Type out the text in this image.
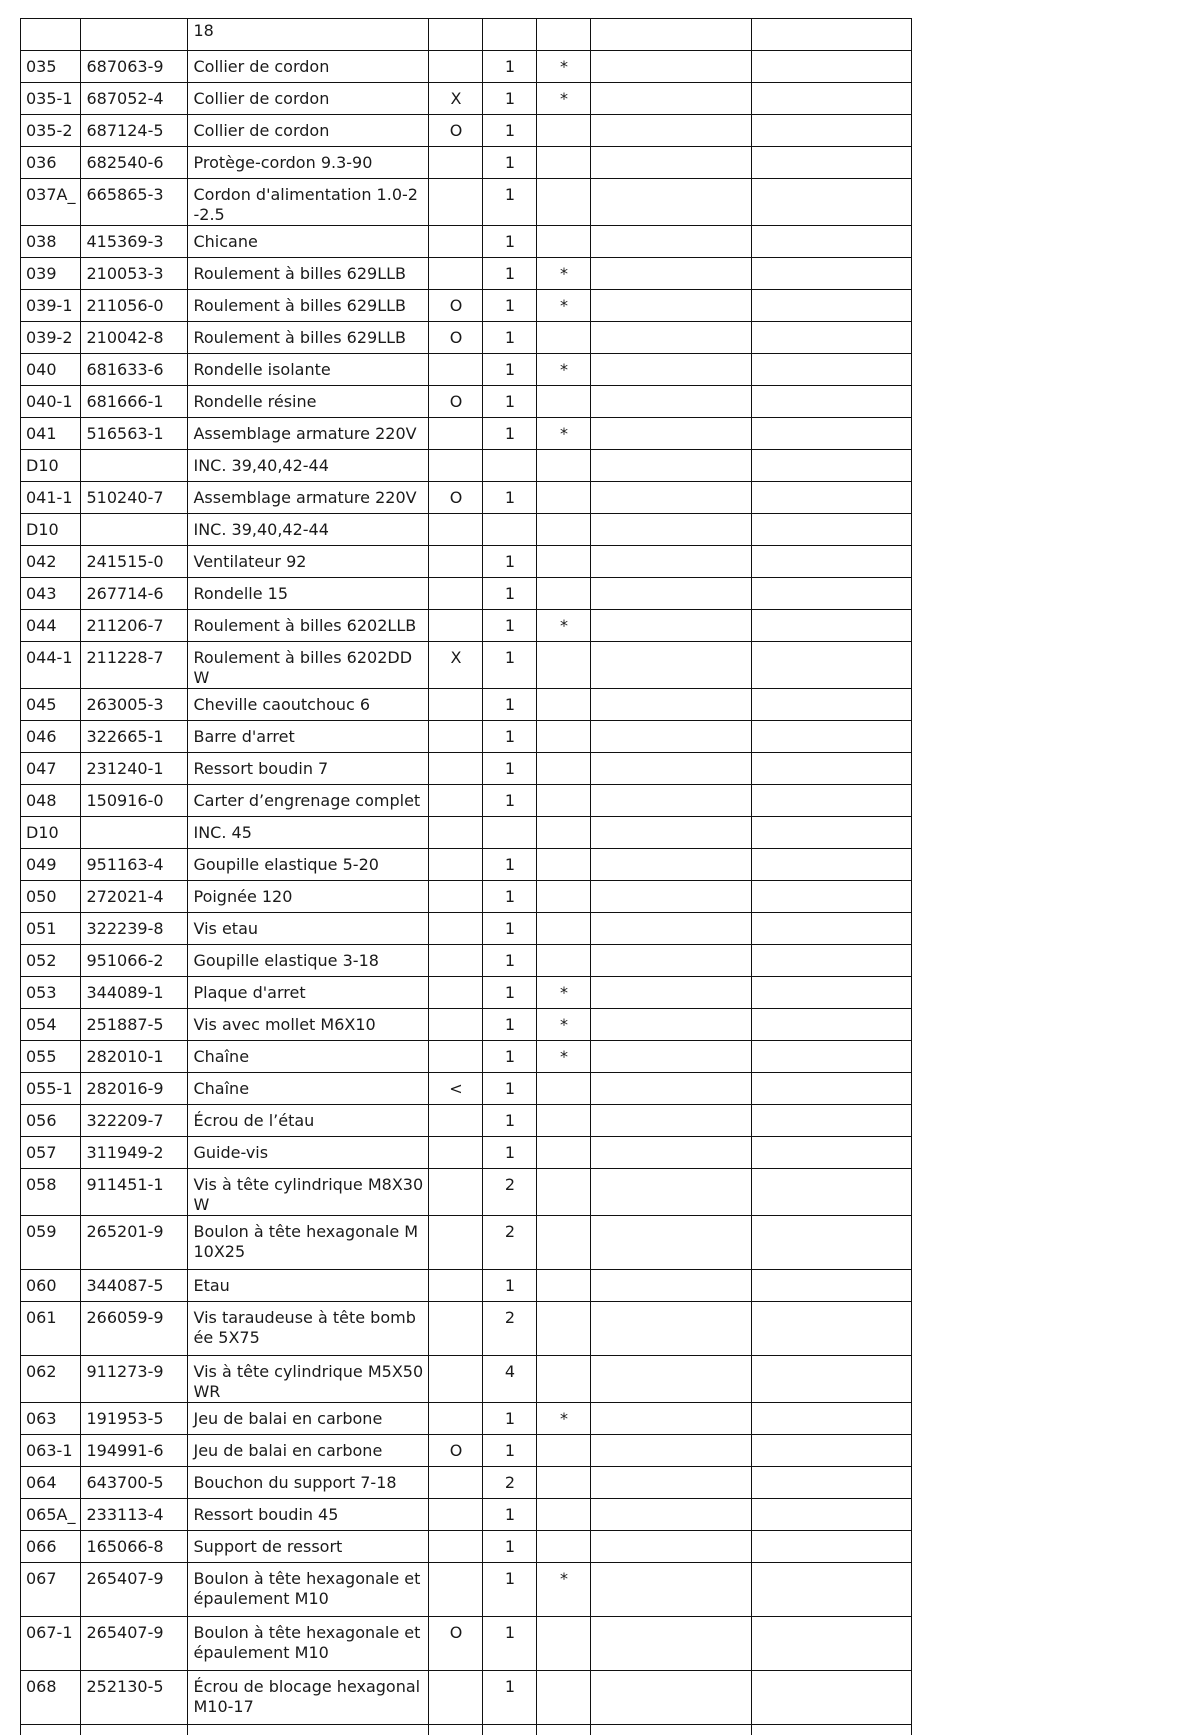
		18					
035	687063-9	Collier de cordon		1	*		
035-1	687052-4	Collier de cordon	X	1	*		
035-2	687124-5	Collier de cordon	O	1			
036	682540-6	Protège-cordon 9.3-90		1			
037A_	665865-3	Cordon d'alimentation 1.0-2-2.5		1			
038	415369-3	Chicane		1			
039	210053-3	Roulement à billes 629LLB		1	*		
039-1	211056-0	Roulement à billes 629LLB	O	1	*		
039-2	210042-8	Roulement à billes 629LLB	O	1			
040	681633-6	Rondelle isolante		1	*		
040-1	681666-1	Rondelle résine	O	1			
041	516563-1	Assemblage armature 220V		1	*		
D10		INC. 39,40,42-44					
041-1	510240-7	Assemblage armature 220V	O	1			
D10		INC. 39,40,42-44					
042	241515-0	Ventilateur 92		1			
043	267714-6	Rondelle 15		1			
044	211206-7	Roulement à billes 6202LLB		1	*		
044-1	211228-7	Roulement à billes 6202DDW	X	1			
045	263005-3	Cheville caoutchouc 6		1			
046	322665-1	Barre d'arret		1			
047	231240-1	Ressort boudin 7		1			
048	150916-0	Carter d’engrenage complet		1			
D10		INC. 45					
049	951163-4	Goupille elastique 5-20		1			
050	272021-4	Poignée 120		1			
051	322239-8	Vis etau		1			
052	951066-2	Goupille elastique 3-18		1			
053	344089-1	Plaque d'arret		1	*		
054	251887-5	Vis avec mollet M6X10		1	*		
055	282010-1	Chaîne		1	*		
055-1	282016-9	Chaîne	<	1			
056	322209-7	Écrou de l’étau		1			
057	311949-2	Guide-vis		1			
058	911451-1	Vis à tête cylindrique M8X30 W		2			
059	265201-9	Boulon à tête hexagonale M10X25		2			
060	344087-5	Etau		1			
061	266059-9	Vis taraudeuse à tête bombée 5X75		2			
062	911273-9	Vis à tête cylindrique M5X50 WR		4			
063	191953-5	Jeu de balai en carbone		1	*		
063-1	194991-6	Jeu de balai en carbone	O	1			
064	643700-5	Bouchon du support 7-18		2			
065A_	233113-4	Ressort boudin 45		1			
066	165066-8	Support de ressort		1			
067	265407-9	Boulon à tête hexagonale et épaulement M10		1	*		
067-1	265407-9	Boulon à tête hexagonale et épaulement M10	O	1			
068	252130-5	Écrou de blocage hexagonal M10-17		1			
